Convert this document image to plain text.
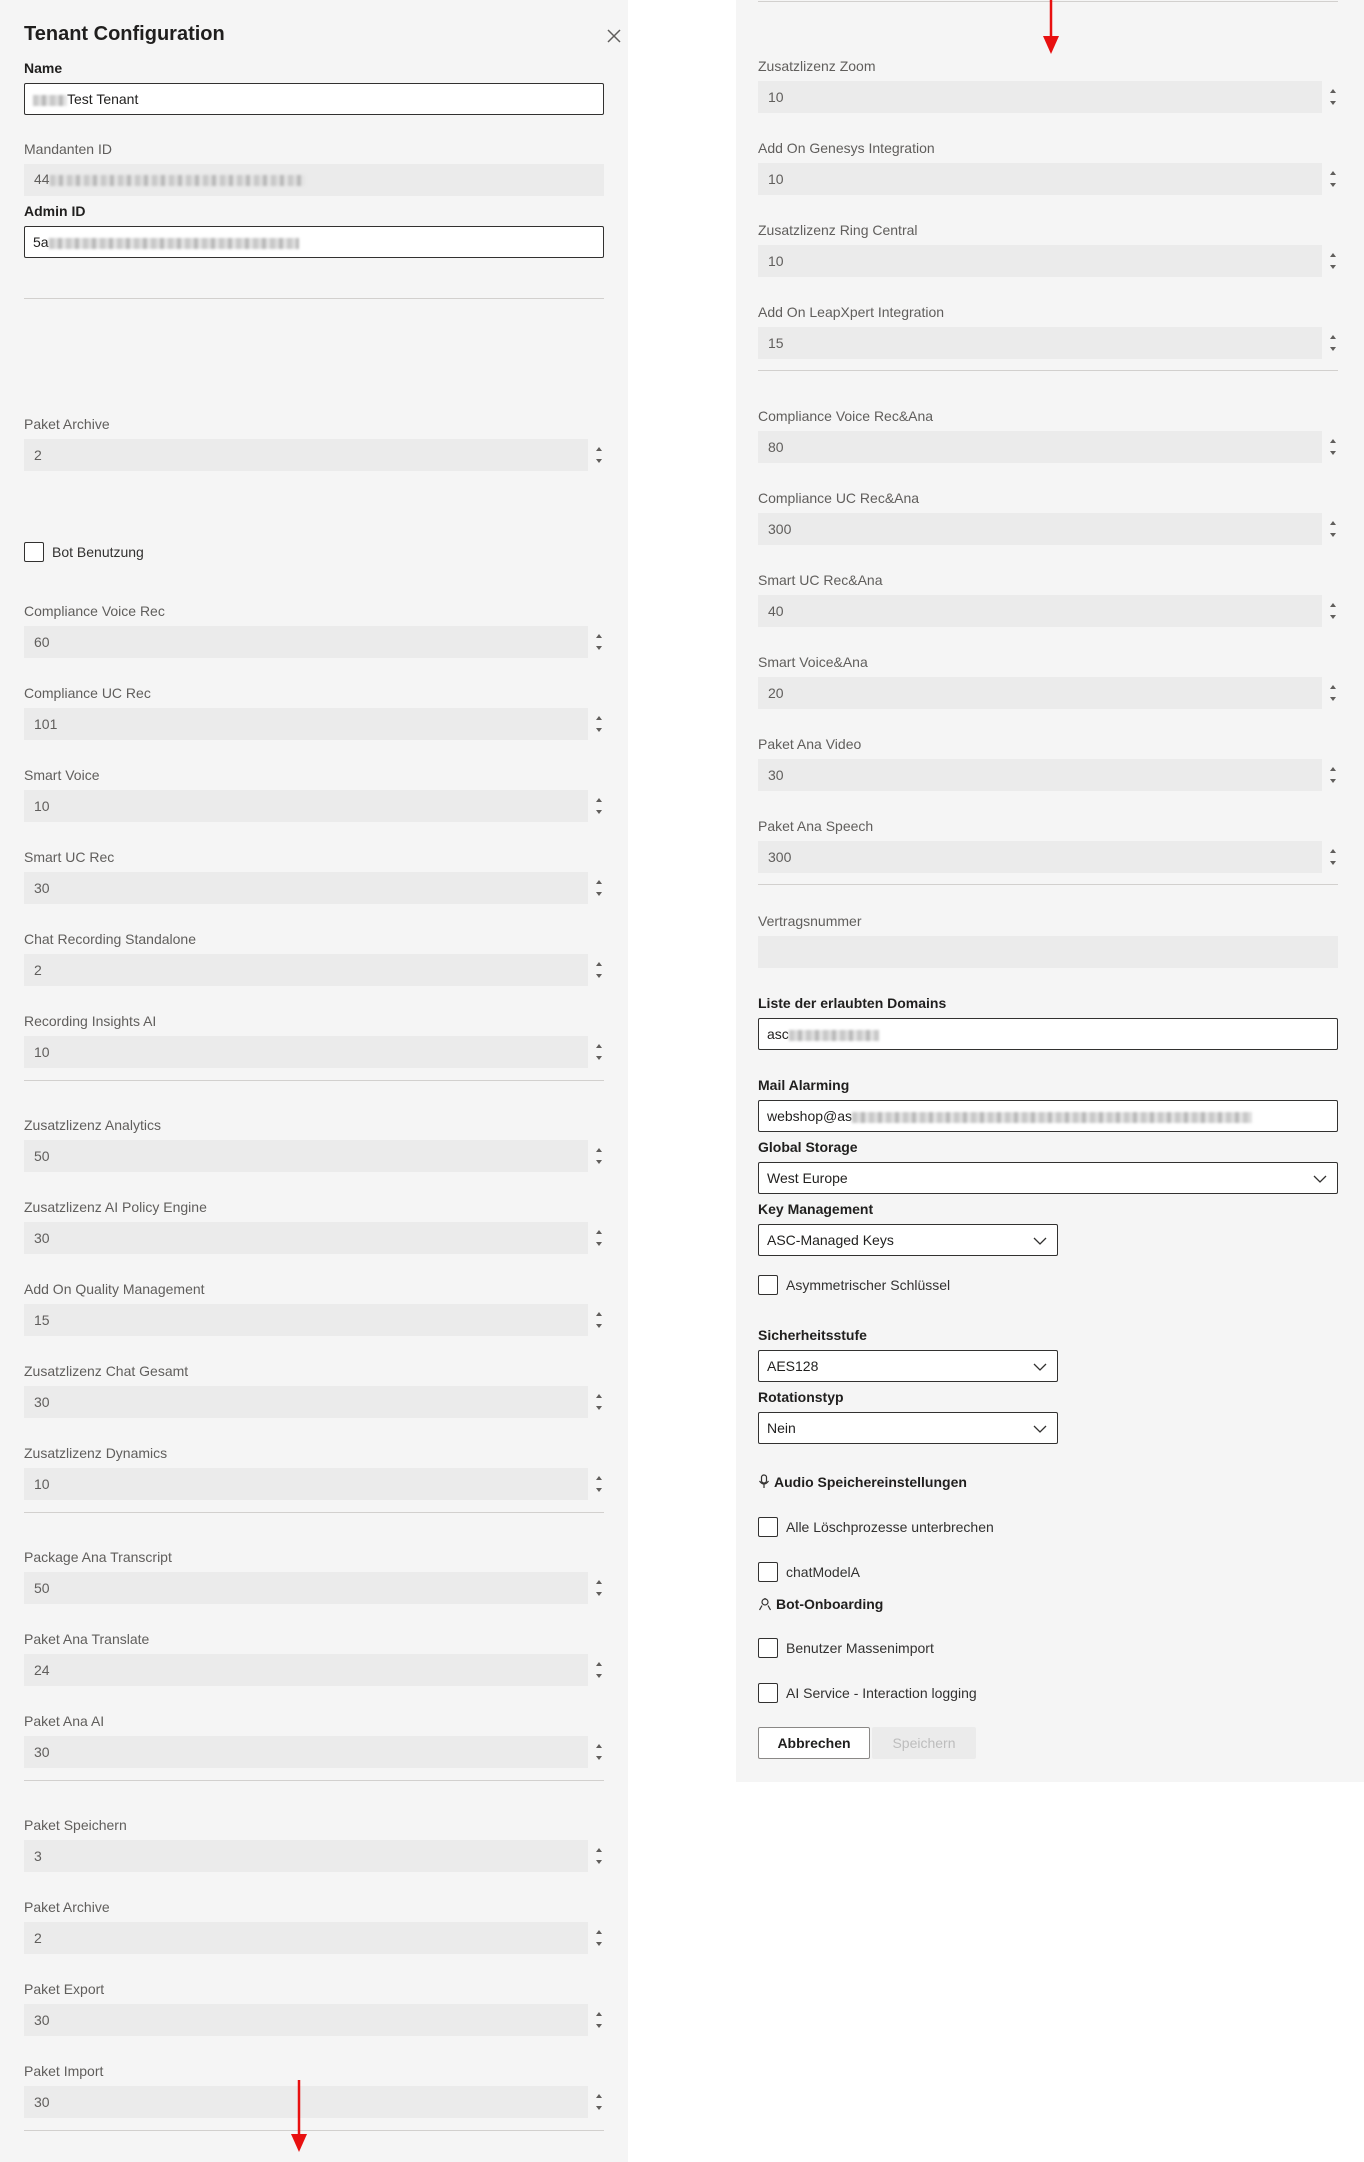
Tenant Configuration
Name
Test Tenant
Mandanten ID
44
Admin ID
5a
Bot Benutzung
Paket Archive
2
Compliance Voice Rec
60
Compliance UC Rec
101
Smart Voice
10
Smart UC Rec
30
Chat Recording Standalone
2
Recording Insights AI
10
Zusatzlizenz Analytics
50
Zusatzlizenz AI Policy Engine
30
Add On Quality Management
15
Zusatzlizenz Chat Gesamt
30
Zusatzlizenz Dynamics
10
Package Ana Transcript
50
Paket Ana Translate
24
Paket Ana AI
30
Paket Speichern
3
Paket Archive
2
Paket Export
30
Paket Import
30
Vertragsnummer
Liste der erlaubten Domains
asc
Mail Alarming
webshop@as
Global Storage
West Europe
Key Management
ASC-Managed Keys
Asymmetrischer Schlüssel
Sicherheitsstufe
AES128
Rotationstyp
Nein
Audio Speichereinstellungen
Alle Löschprozesse unterbrechen
chatModelA
Bot-Onboarding
Benutzer Massenimport
AI Service - Interaction logging
Abbrechen	Speichern
Zusatzlizenz Zoom
10
Add On Genesys Integration
10
Zusatzlizenz Ring Central
10
Add On LeapXpert Integration
15
Compliance Voice Rec&Ana
80
Compliance UC Rec&Ana
300
Smart UC Rec&Ana
40
Smart Voice&Ana
20
Paket Ana Video
30
Paket Ana Speech
300
